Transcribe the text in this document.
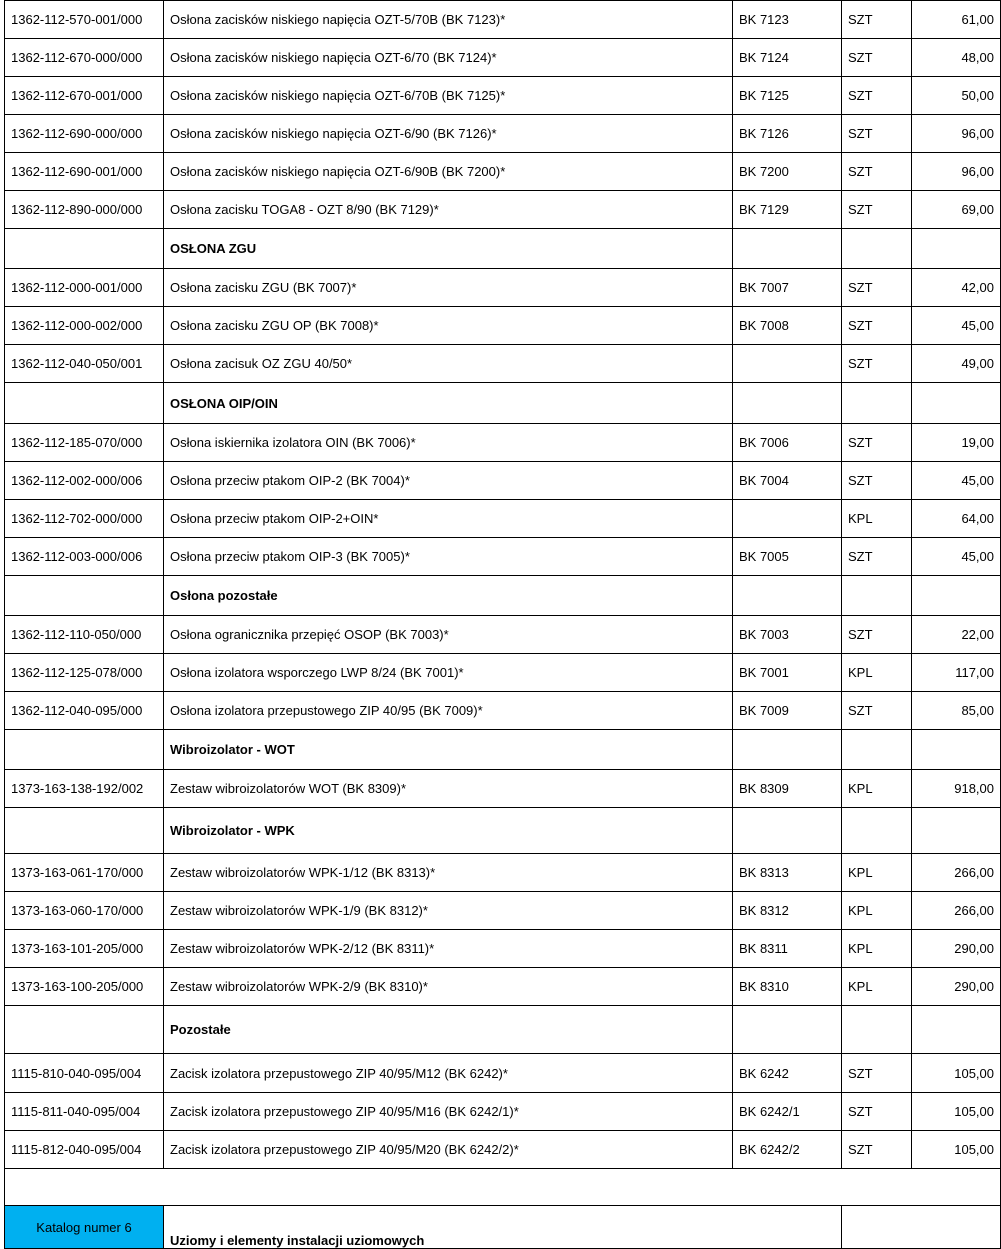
1362-112-570-001/000	Osłona zacisków niskiego napięcia OZT-5/70B (BK 7123)*	BK 7123	SZT	61,00
1362-112-670-000/000	Osłona zacisków niskiego napięcia OZT-6/70 (BK 7124)*	BK 7124	SZT	48,00
1362-112-670-001/000	Osłona zacisków niskiego napięcia OZT-6/70B (BK 7125)*	BK 7125	SZT	50,00
1362-112-690-000/000	Osłona zacisków niskiego napięcia OZT-6/90 (BK 7126)*	BK 7126	SZT	96,00
1362-112-690-001/000	Osłona zacisków niskiego napięcia OZT-6/90B (BK 7200)*	BK 7200	SZT	96,00
1362-112-890-000/000	Osłona zacisku TOGA8 - OZT 8/90 (BK 7129)*	BK 7129	SZT	69,00
	OSŁONA ZGU			
1362-112-000-001/000	Osłona zacisku ZGU (BK 7007)*	BK 7007	SZT	42,00
1362-112-000-002/000	Osłona zacisku ZGU OP (BK 7008)*	BK 7008	SZT	45,00
1362-112-040-050/001	Osłona zacisuk OZ ZGU 40/50*		SZT	49,00
	OSŁONA OIP/OIN			
1362-112-185-070/000	Osłona iskiernika izolatora OIN (BK 7006)*	BK 7006	SZT	19,00
1362-112-002-000/006	Osłona przeciw ptakom OIP-2 (BK 7004)*	BK 7004	SZT	45,00
1362-112-702-000/000	Osłona przeciw ptakom OIP-2+OIN*		KPL	64,00
1362-112-003-000/006	Osłona przeciw ptakom OIP-3 (BK 7005)*	BK 7005	SZT	45,00
	Osłona pozostałe			
1362-112-110-050/000	Osłona ogranicznika przepięć OSOP (BK 7003)*	BK 7003	SZT	22,00
1362-112-125-078/000	Osłona izolatora wsporczego LWP 8/24 (BK 7001)*	BK 7001	KPL	117,00
1362-112-040-095/000	Osłona izolatora przepustowego ZIP 40/95 (BK 7009)*	BK 7009	SZT	85,00
	Wibroizolator - WOT			
1373-163-138-192/002	Zestaw wibroizolatorów WOT (BK 8309)*	BK 8309	KPL	918,00
	Wibroizolator - WPK			
1373-163-061-170/000	Zestaw wibroizolatorów WPK-1/12 (BK 8313)*	BK 8313	KPL	266,00
1373-163-060-170/000	Zestaw wibroizolatorów WPK-1/9 (BK 8312)*	BK 8312	KPL	266,00
1373-163-101-205/000	Zestaw wibroizolatorów WPK-2/12 (BK 8311)*	BK 8311	KPL	290,00
1373-163-100-205/000	Zestaw wibroizolatorów WPK-2/9 (BK 8310)*	BK 8310	KPL	290,00
	Pozostałe			
1115-810-040-095/004	Zacisk izolatora przepustowego ZIP 40/95/M12 (BK 6242)*	BK 6242	SZT	105,00
1115-811-040-095/004	Zacisk izolatora przepustowego ZIP 40/95/M16 (BK 6242/1)*	BK 6242/1	SZT	105,00
1115-812-040-095/004	Zacisk izolatora przepustowego ZIP 40/95/M20 (BK 6242/2)*	BK 6242/2	SZT	105,00

Katalog numer 6	Uziomy i elementy instalacji uziomowych			
